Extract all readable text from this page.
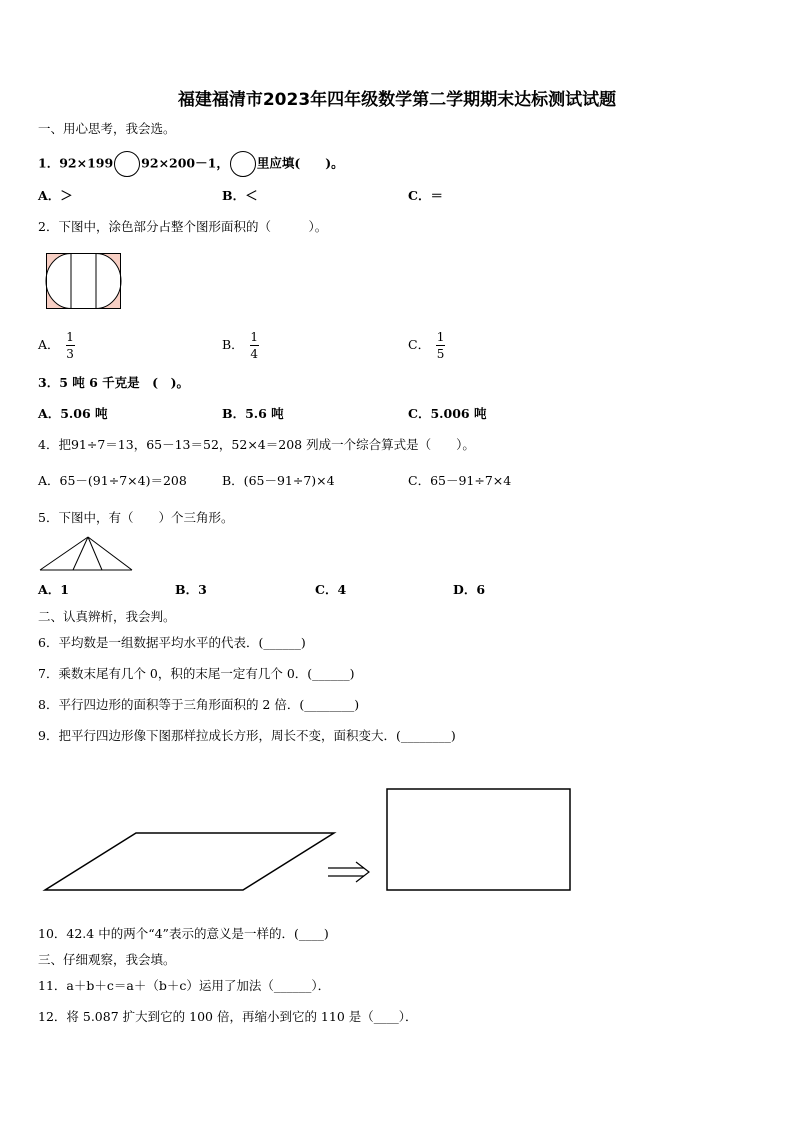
福建福清市2023年四年级数学第二学期期末达标测试试题
一、用心思考，我会选。
1．92×199 92×200－1， 里应填(　　)。
A．＞	B．＜	C．＝
2．下图中，涂色部分占整个图形面积的（　　　）。
A． $\frac{1}{3}$	B． $\frac{1}{4}$	C． $\frac{1}{5}$
3．5 吨 6 千克是　(　)。
A．5.06 吨	B．5.6 吨	C．5.006 吨
4．把91÷7＝13，65－13＝52，52×4＝208 列成一个综合算式是（　　）。
A．65－(91÷7×4)＝208	B．(65－91÷7)×4	C．65－91÷7×4
5．下图中，有（　　）个三角形。
A．1	B．3	C．4	D．6
二、认真辨析，我会判。
6．平均数是一组数据平均水平的代表．(______)
7．乘数末尾有几个 0，积的末尾一定有几个 0．(______)
8．平行四边形的面积等于三角形面积的 2 倍．(________)
9．把平行四边形像下图那样拉成长方形，周长不变，面积变大．(________)
10．42.4 中的两个“4”表示的意义是一样的．(____)
三、仔细观察，我会填。
11．a＋b＋c＝a＋（b＋c）运用了加法（______）．
12．将 5.087 扩大到它的 100 倍，再缩小到它的 110 是（____）．
